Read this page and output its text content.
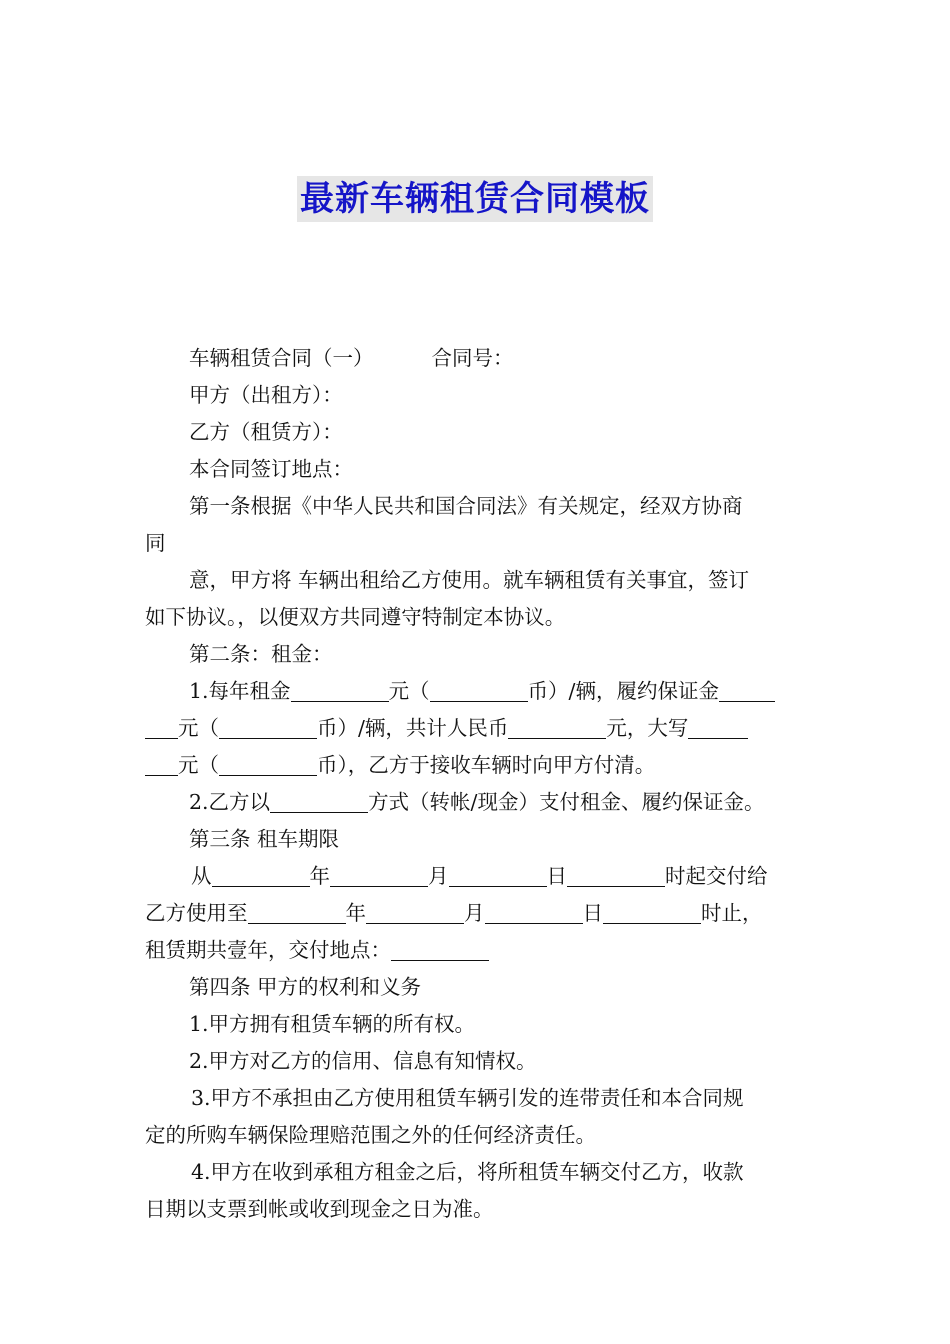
最新车辆租赁合同模板
车辆租赁合同（一）	合同号：
甲方（出租方）：
乙方（租赁方）：
本合同签订地点：
第一条根据《中华人民共和国合同法》有关规定，经双方协商
同
意，甲方将 车辆出租给乙方使用。就车辆租赁有关事宜，签订
如下协议。，以便双方共同遵守特制定本协议。
第二条：租金：
1.每年租金	元（	币）/辆，履约保证金
元（	币）/辆，共计人民币	元，大写
元（	币），乙方于接收车辆时向甲方付清。
2.乙方以	方式（转帐/现金）支付租金、履约保证金。
第三条 租车期限
从	年	月	日	时起交付给
乙方使用至	年	月	日	时止，
租赁期共壹年，交付地点：
第四条 甲方的权利和义务
1.甲方拥有租赁车辆的所有权。
2.甲方对乙方的信用、信息有知情权。
3.甲方不承担由乙方使用租赁车辆引发的连带责任和本合同规
定的所购车辆保险理赔范围之外的任何经济责任。
4.甲方在收到承租方租金之后，将所租赁车辆交付乙方，收款
日期以支票到帐或收到现金之日为准。
